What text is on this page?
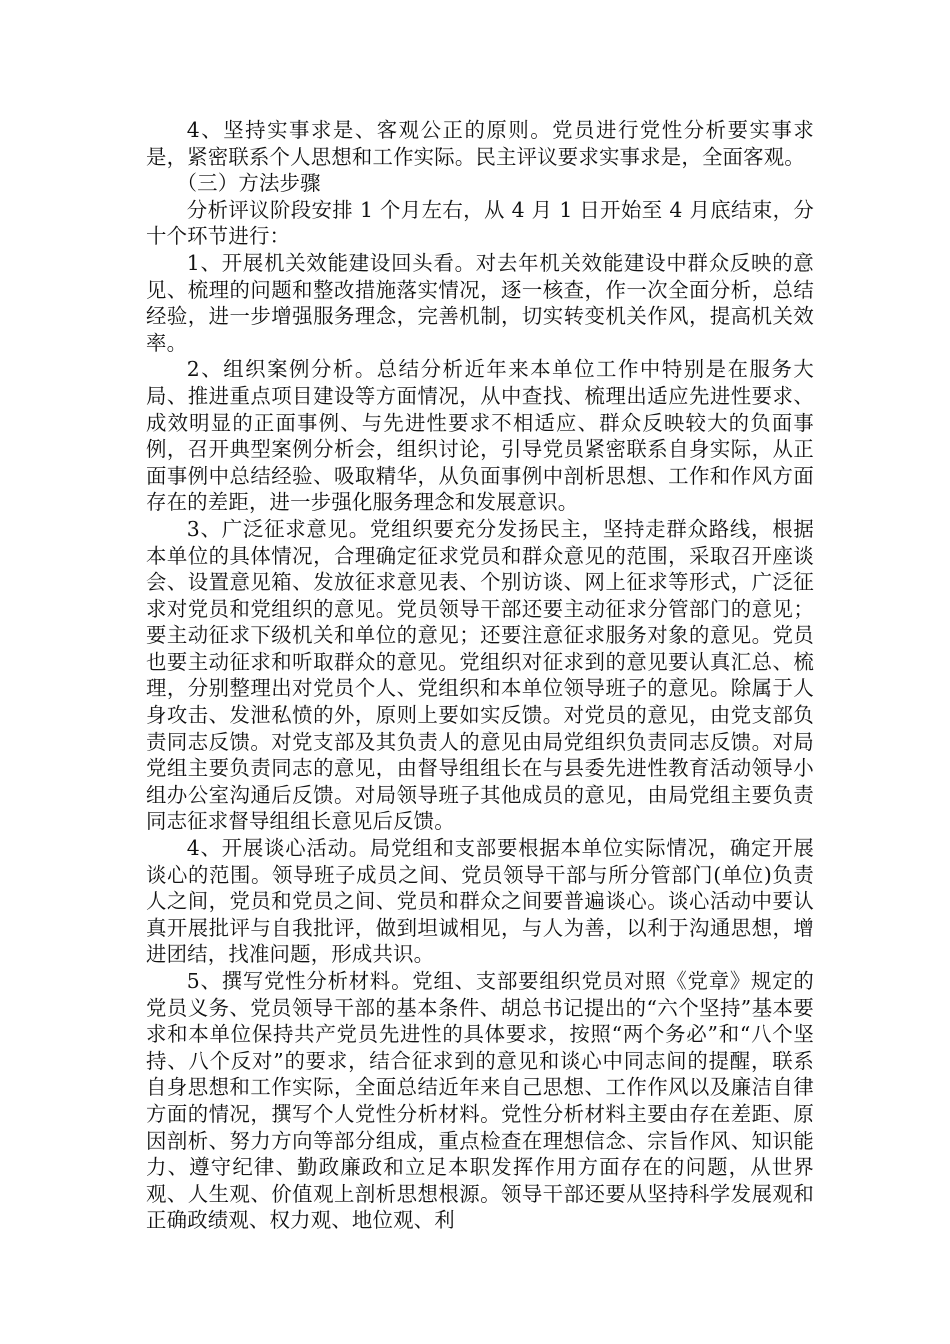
4、坚持实事求是、客观公正的原则。党员进行党性分析要实事求是，紧密联系个人思想和工作实际。民主评议要求实事求是，全面客观。

（三）方法步骤

分析评议阶段安排 1 个月左右，从 4 月 1 日开始至 4 月底结束，分十个环节进行：

1、开展机关效能建设回头看。对去年机关效能建设中群众反映的意见、梳理的问题和整改措施落实情况，逐一核查，作一次全面分析，总结经验，进一步增强服务理念，完善机制，切实转变机关作风，提高机关效率。

2、组织案例分析。总结分析近年来本单位工作中特别是在服务大局、推进重点项目建设等方面情况，从中查找、梳理出适应先进性要求、成效明显的正面事例、与先进性要求不相适应、群众反映较大的负面事例，召开典型案例分析会，组织讨论，引导党员紧密联系自身实际，从正面事例中总结经验、吸取精华，从负面事例中剖析思想、工作和作风方面存在的差距，进一步强化服务理念和发展意识。

3、广泛征求意见。党组织要充分发扬民主，坚持走群众路线，根据本单位的具体情况，合理确定征求党员和群众意见的范围，采取召开座谈会、设置意见箱、发放征求意见表、个别访谈、网上征求等形式，广泛征求对党员和党组织的意见。党员领导干部还要主动征求分管部门的意见；要主动征求下级机关和单位的意见；还要注意征求服务对象的意见。党员也要主动征求和听取群众的意见。党组织对征求到的意见要认真汇总、梳理，分别整理出对党员个人、党组织和本单位领导班子的意见。除属于人身攻击、发泄私愤的外，原则上要如实反馈。对党员的意见，由党支部负责同志反馈。对党支部及其负责人的意见由局党组织负责同志反馈。对局党组主要负责同志的意见，由督导组组长在与县委先进性教育活动领导小组办公室沟通后反馈。对局领导班子其他成员的意见，由局党组主要负责同志征求督导组组长意见后反馈。

4、开展谈心活动。局党组和支部要根据本单位实际情况，确定开展谈心的范围。领导班子成员之间、党员领导干部与所分管部门(单位)负责人之间，党员和党员之间、党员和群众之间要普遍谈心。谈心活动中要认真开展批评与自我批评，做到坦诚相见，与人为善，以利于沟通思想，增进团结，找准问题，形成共识。

5、撰写党性分析材料。党组、支部要组织党员对照《党章》规定的党员义务、党员领导干部的基本条件、胡总书记提出的“六个坚持”基本要求和本单位保持共产党员先进性的具体要求，按照“两个务必”和“八个坚持、八个反对”的要求，结合征求到的意见和谈心中同志间的提醒，联系自身思想和工作实际，全面总结近年来自己思想、工作作风以及廉洁自律方面的情况，撰写个人党性分析材料。党性分析材料主要由存在差距、原因剖析、努力方向等部分组成，重点检查在理想信念、宗旨作风、知识能力、遵守纪律、勤政廉政和立足本职发挥作用方面存在的问题，从世界观、人生观、价值观上剖析思想根源。领导干部还要从坚持科学发展观和正确政绩观、权力观、地位观、利
